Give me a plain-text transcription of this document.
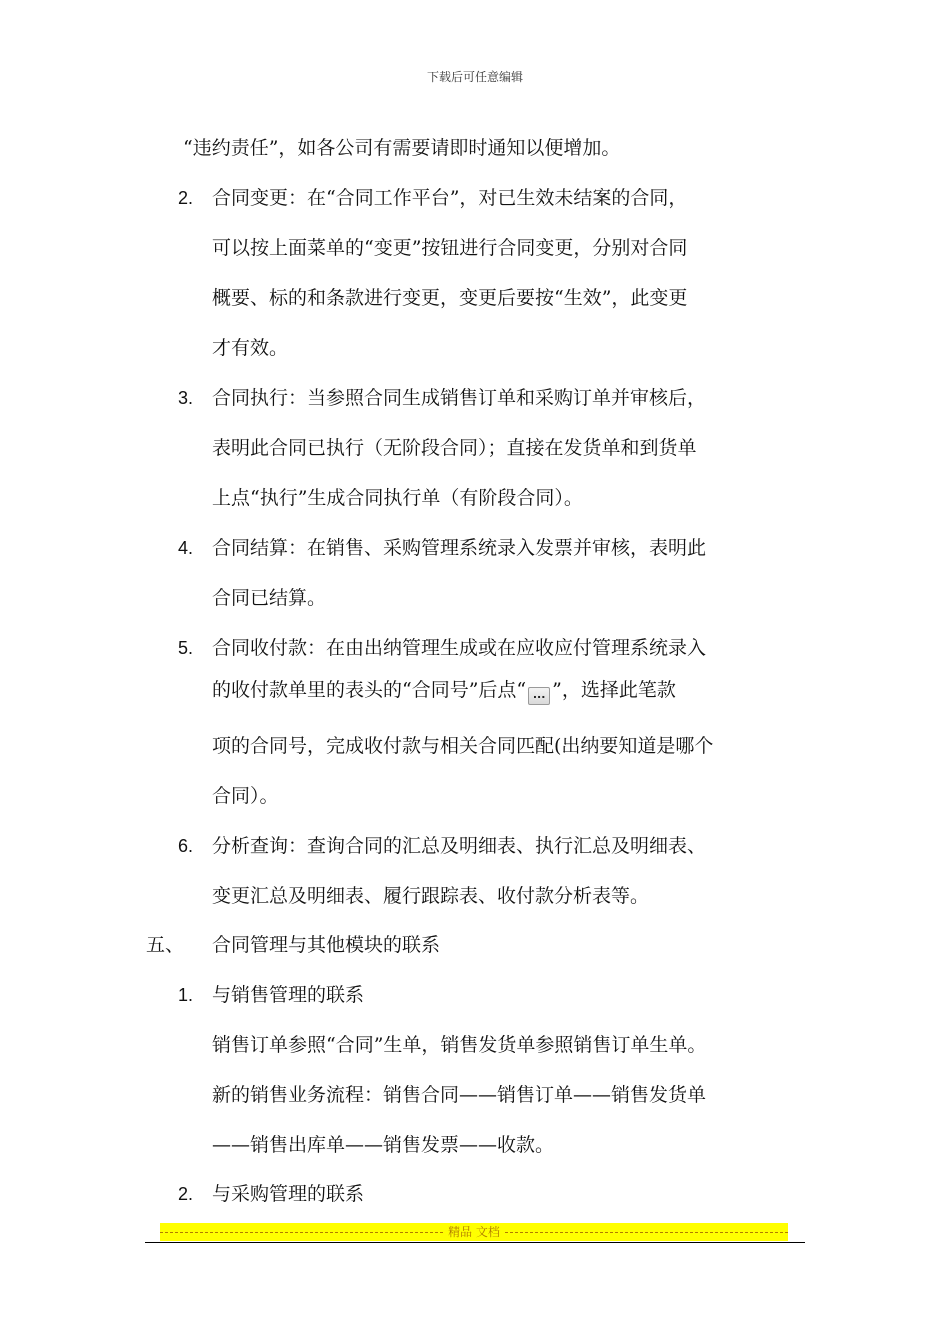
下载后可任意编辑
“违约责任”，如各公司有需要请即时通知以便增加。
2. 合同变更：在“合同工作平台”，对已生效未结案的合同，
可以按上面菜单的“变更”按钮进行合同变更，分别对合同
概要、标的和条款进行变更，变更后要按“生效”，此变更
才有效。
3. 合同执行：当参照合同生成销售订单和采购订单并审核后，
表明此合同已执行（无阶段合同）；直接在发货单和到货单
上点“执行”生成合同执行单（有阶段合同）。
4. 合同结算：在销售、采购管理系统录入发票并审核，表明此
合同已结算。
5. 合同收付款：在由出纳管理生成或在应收应付管理系统录入
的收付款单里的表头的“合同号”后点“ ... ”，选择此笔款
项的合同号，完成收付款与相关合同匹配(出纳要知道是哪个
合同）。
6. 分析查询：查询合同的汇总及明细表、执行汇总及明细表、
变更汇总及明细表、履行跟踪表、收付款分析表等。
五、 合同管理与其他模块的联系
1. 与销售管理的联系
销售订单参照“合同”生单，销售发货单参照销售订单生单。
新的销售业务流程：销售合同——销售订单——销售发货单
——销售出库单——销售发票——收款。
2. 与采购管理的联系
精品 文档
